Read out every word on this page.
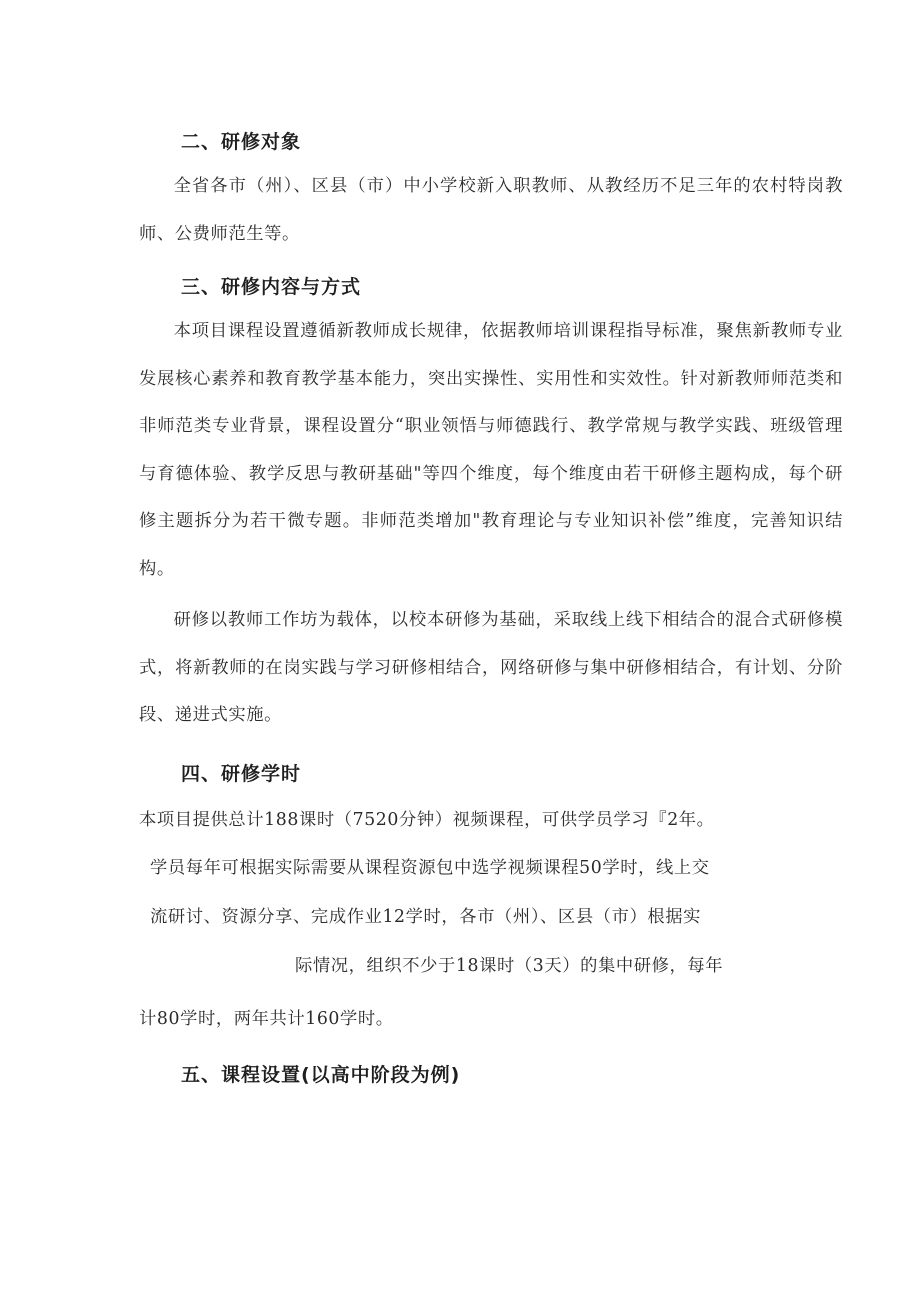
二、研修对象
全省各市（州）、区县（市）中小学校新入职教师、从教经历不足三年的农村特岗教师、公费师范生等。
三、研修内容与方式
本项目课程设置遵循新教师成长规律，依据教师培训课程指导标准，聚焦新教师专业发展核心素养和教育教学基本能力，突出实操性、实用性和实效性。针对新教师师范类和非师范类专业背景，课程设置分“职业领悟与师德践行、教学常规与教学实践、班级管理与育德体验、教学反思与教研基础"等四个维度，每个维度由若干研修主题构成，每个研修主题拆分为若干微专题。非师范类增加"教育理论与专业知识补偿”维度，完善知识结构。
研修以教师工作坊为载体，以校本研修为基础，采取线上线下相结合的混合式研修模式，将新教师的在岗实践与学习研修相结合，网络研修与集中研修相结合，有计划、分阶段、递进式实施。
四、研修学时
本项目提供总计188课时（7520分钟）视频课程，可供学员学习『2年。
学员每年可根据实际需要从课程资源包中选学视频课程50学时，线上交
流研讨、资源分享、完成作业12学时，各市（州）、区县（市）根据实
际情况，组织不少于18课时（3天）的集中研修，每年
计80学时，两年共计160学时。
五、课程设置(以高中阶段为例)
